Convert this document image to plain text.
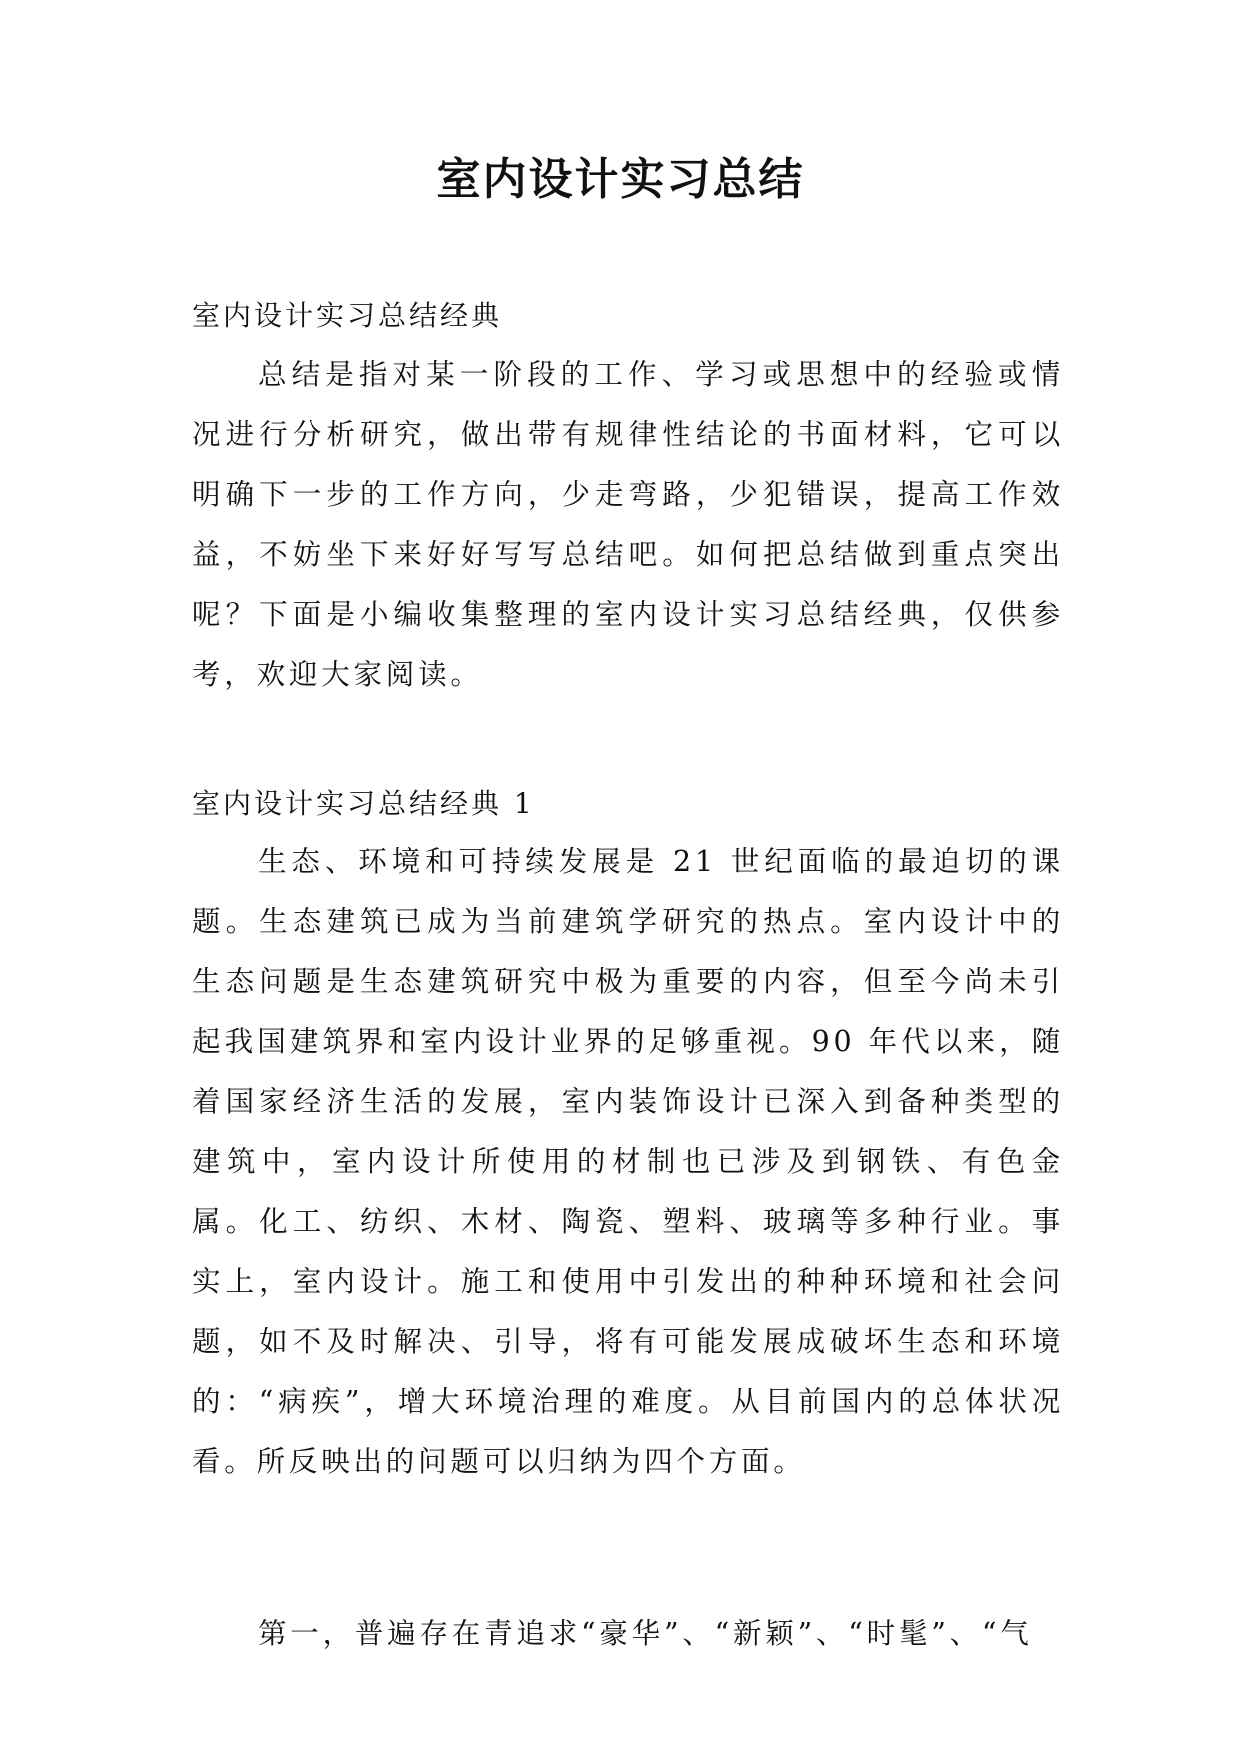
室内设计实习总结
室内设计实习总结经典

总结是指对某一阶段的工作、学习或思想中的经验或情况进行分析研究，做出带有规律性结论的书面材料，它可以明确下一步的工作方向，少走弯路，少犯错误，提高工作效益，不妨坐下来好好写写总结吧。如何把总结做到重点突出呢？下面是小编收集整理的室内设计实习总结经典，仅供参考，欢迎大家阅读。

室内设计实习总结经典 1

生态、环境和可持续发展是 21 世纪面临的最迫切的课题。生态建筑已成为当前建筑学研究的热点。室内设计中的生态问题是生态建筑研究中极为重要的内容，但至今尚未引起我国建筑界和室内设计业界的足够重视。90 年代以来，随着国家经济生活的发展，室内装饰设计已深入到备种类型的建筑中，室内设计所使用的材制也已涉及到钢铁、有色金属。化工、纺织、木材、陶瓷、塑料、玻璃等多种行业。事实上，室内设计。施工和使用中引发出的种种环境和社会问题，如不及时解决、引导，将有可能发展成破坏生态和环境的：“病疾”，增大环境治理的难度。从目前国内的总体状况看。所反映出的问题可以归纳为四个方面。

第一，普遍存在青追求“豪华”、“新颖”、“时髦”、“气
